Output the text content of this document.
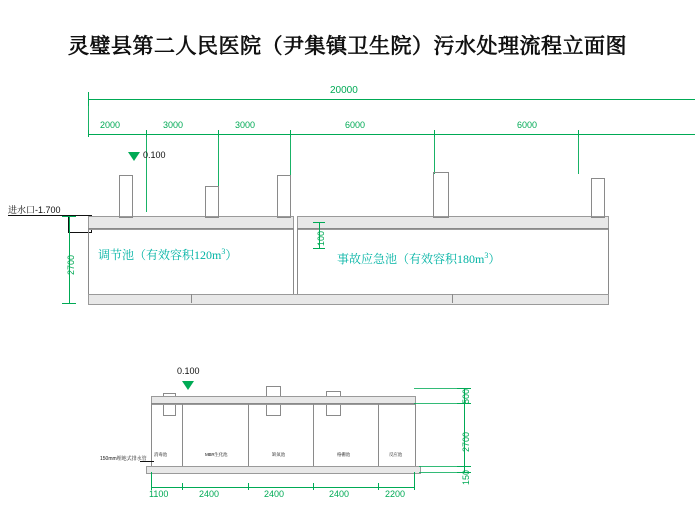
灵璧县第二人民医院（尹集镇卫生院）污水处理流程立面图
20000
2000	3000	3000	6000	6000
0.100
进水口-1.700
2700
100
调节池（有效容积$120m^3$）	事故应急池（有效容积$180m^3$）
0.100
150mm埋地式排水管
消毒池	MBR生化池	缺氧池	格栅池	反应池
1100	2400	2400	2400	2200
500
2700
150
